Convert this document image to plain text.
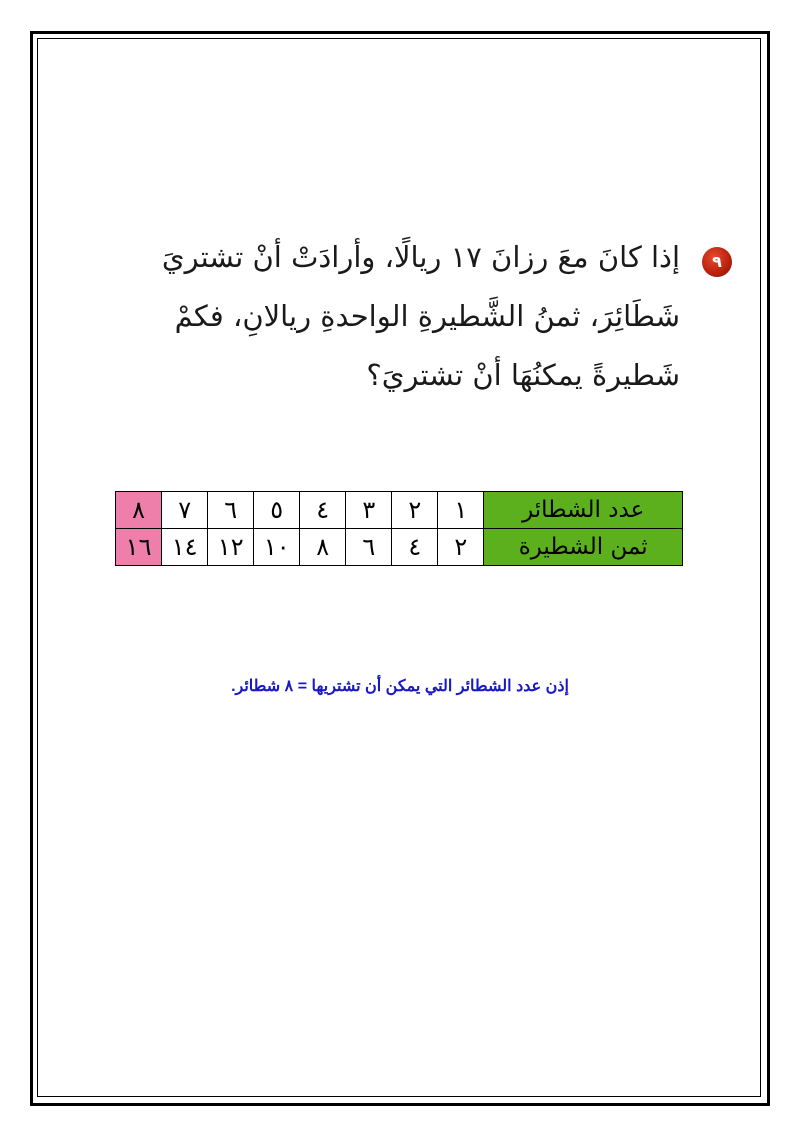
٩

إذا كانَ معَ رزانَ ١٧ ريالًا، وأرادَتْ أنْ تشتريَ
شَطَائِرَ، ثمنُ الشَّطيرةِ الواحدةِ ريالانِ، فكمْ
شَطيرةً يمكنُهَا أنْ تشتريَ؟

عدد الشطائر	١	٢	٣	٤	٥	٦	٧	٨
ثمن الشطيرة	٢	٤	٦	٨	١٠	١٢	١٤	١٦
إذن عدد الشطائر التي يمكن أن تشتريها = ٨ شطائر.
